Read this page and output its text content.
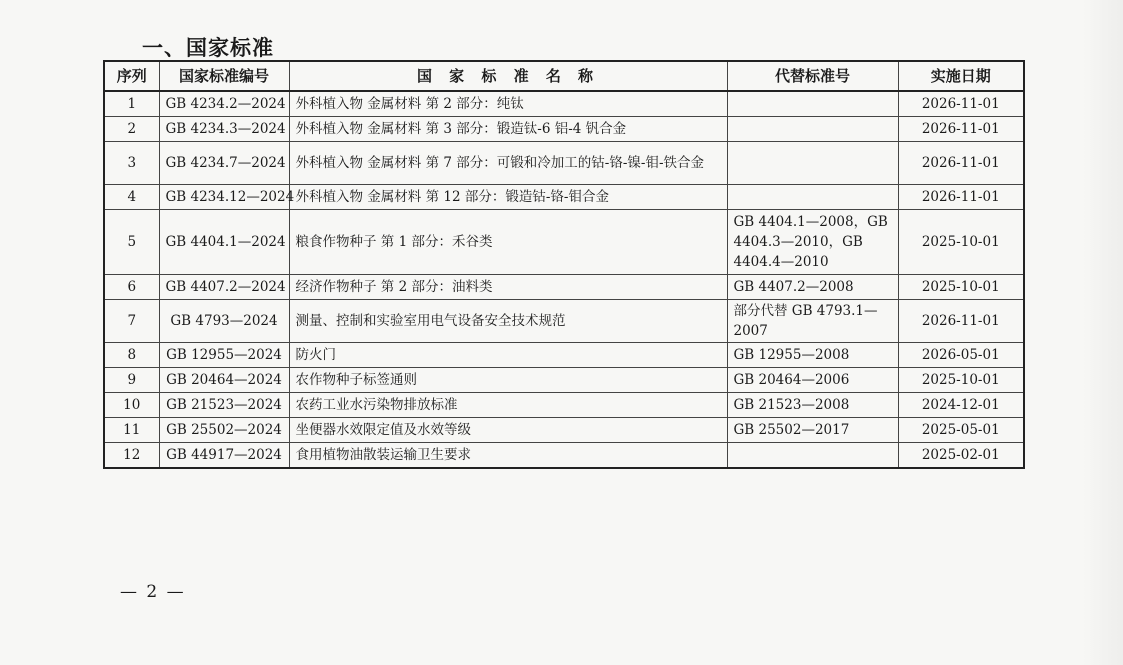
一、国家标准
序列	国家标准编号	国 家 标 准 名 称	代替标准号	实施日期
1	GB 4234.2—2024	外科植入物 金属材料 第 2 部分：纯钛		2026-11-01
2	GB 4234.3—2024	外科植入物 金属材料 第 3 部分：锻造钛-6 铝-4 钒合金		2026-11-01
3	GB 4234.7—2024	外科植入物 金属材料 第 7 部分：可锻和冷加工的钴-铬-镍-钼-铁合金		2026-11-01
4	GB 4234.12—2024	外科植入物 金属材料 第 12 部分：锻造钴-铬-钼合金		2026-11-01
5	GB 4404.1—2024	粮食作物种子 第 1 部分：禾谷类	GB 4404.1—2008，GB 4404.3—2010，GB 4404.4—2010	2025-10-01
6	GB 4407.2—2024	经济作物种子 第 2 部分：油料类	GB 4407.2—2008	2025-10-01
7	GB 4793—2024	测量、控制和实验室用电气设备安全技术规范	部分代替 GB 4793.1—2007	2026-11-01
8	GB 12955—2024	防火门	GB 12955—2008	2026-05-01
9	GB 20464—2024	农作物种子标签通则	GB 20464—2006	2025-10-01
10	GB 21523—2024	农药工业水污染物排放标准	GB 21523—2008	2024-12-01
11	GB 25502—2024	坐便器水效限定值及水效等级	GB 25502—2017	2025-05-01
12	GB 44917—2024	食用植物油散装运输卫生要求		2025-02-01
— 2 —
